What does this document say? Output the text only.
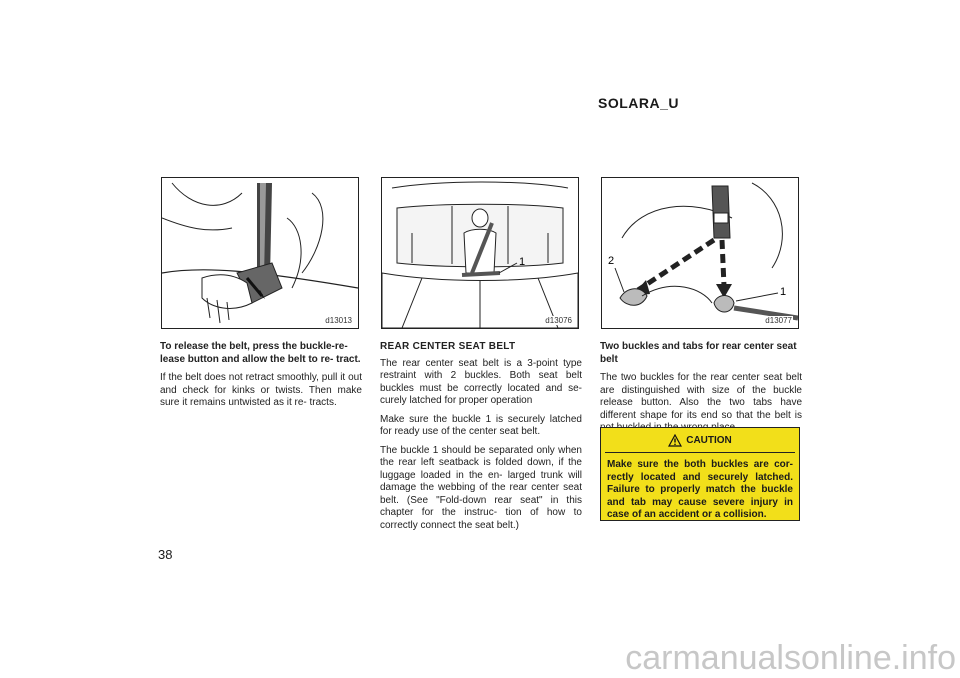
SOLARA_U
d13013
1
d13076
2
1
d13077

To release the belt, press the buckle‑re- lease button and allow the belt to re- tract.

If the belt does not retract smoothly, pull it out and check for kinks or twists. Then make sure it remains untwisted as it re- tracts.

REAR CENTER SEAT BELT

The rear center seat belt is a 3‑point type restraint with 2 buckles. Both seat belt buckles must be correctly located and se- curely latched for proper operation

Make sure the buckle 1 is securely latched for ready use of the center seat belt.

The buckle 1 should be separated only when the rear left seatback is folded down, if the luggage loaded in the en- larged trunk will damage the webbing of the rear center seat belt. (See "Fold‑down rear seat" in this chapter for the instruc- tion of how to correctly connect the seat belt.)

Two buckles and tabs for rear center seat belt

The two buckles for the rear center seat belt are distinguished with size of the buckle release button. Also the two tabs have different shape for its end so that the belt is

CAUTION
Make sure the both buckles are cor- rectly located and securely latched. Failure to properly match the buckle and tab may cause severe injury in case of an accident or a collision.
38
carmanualsonline.info
